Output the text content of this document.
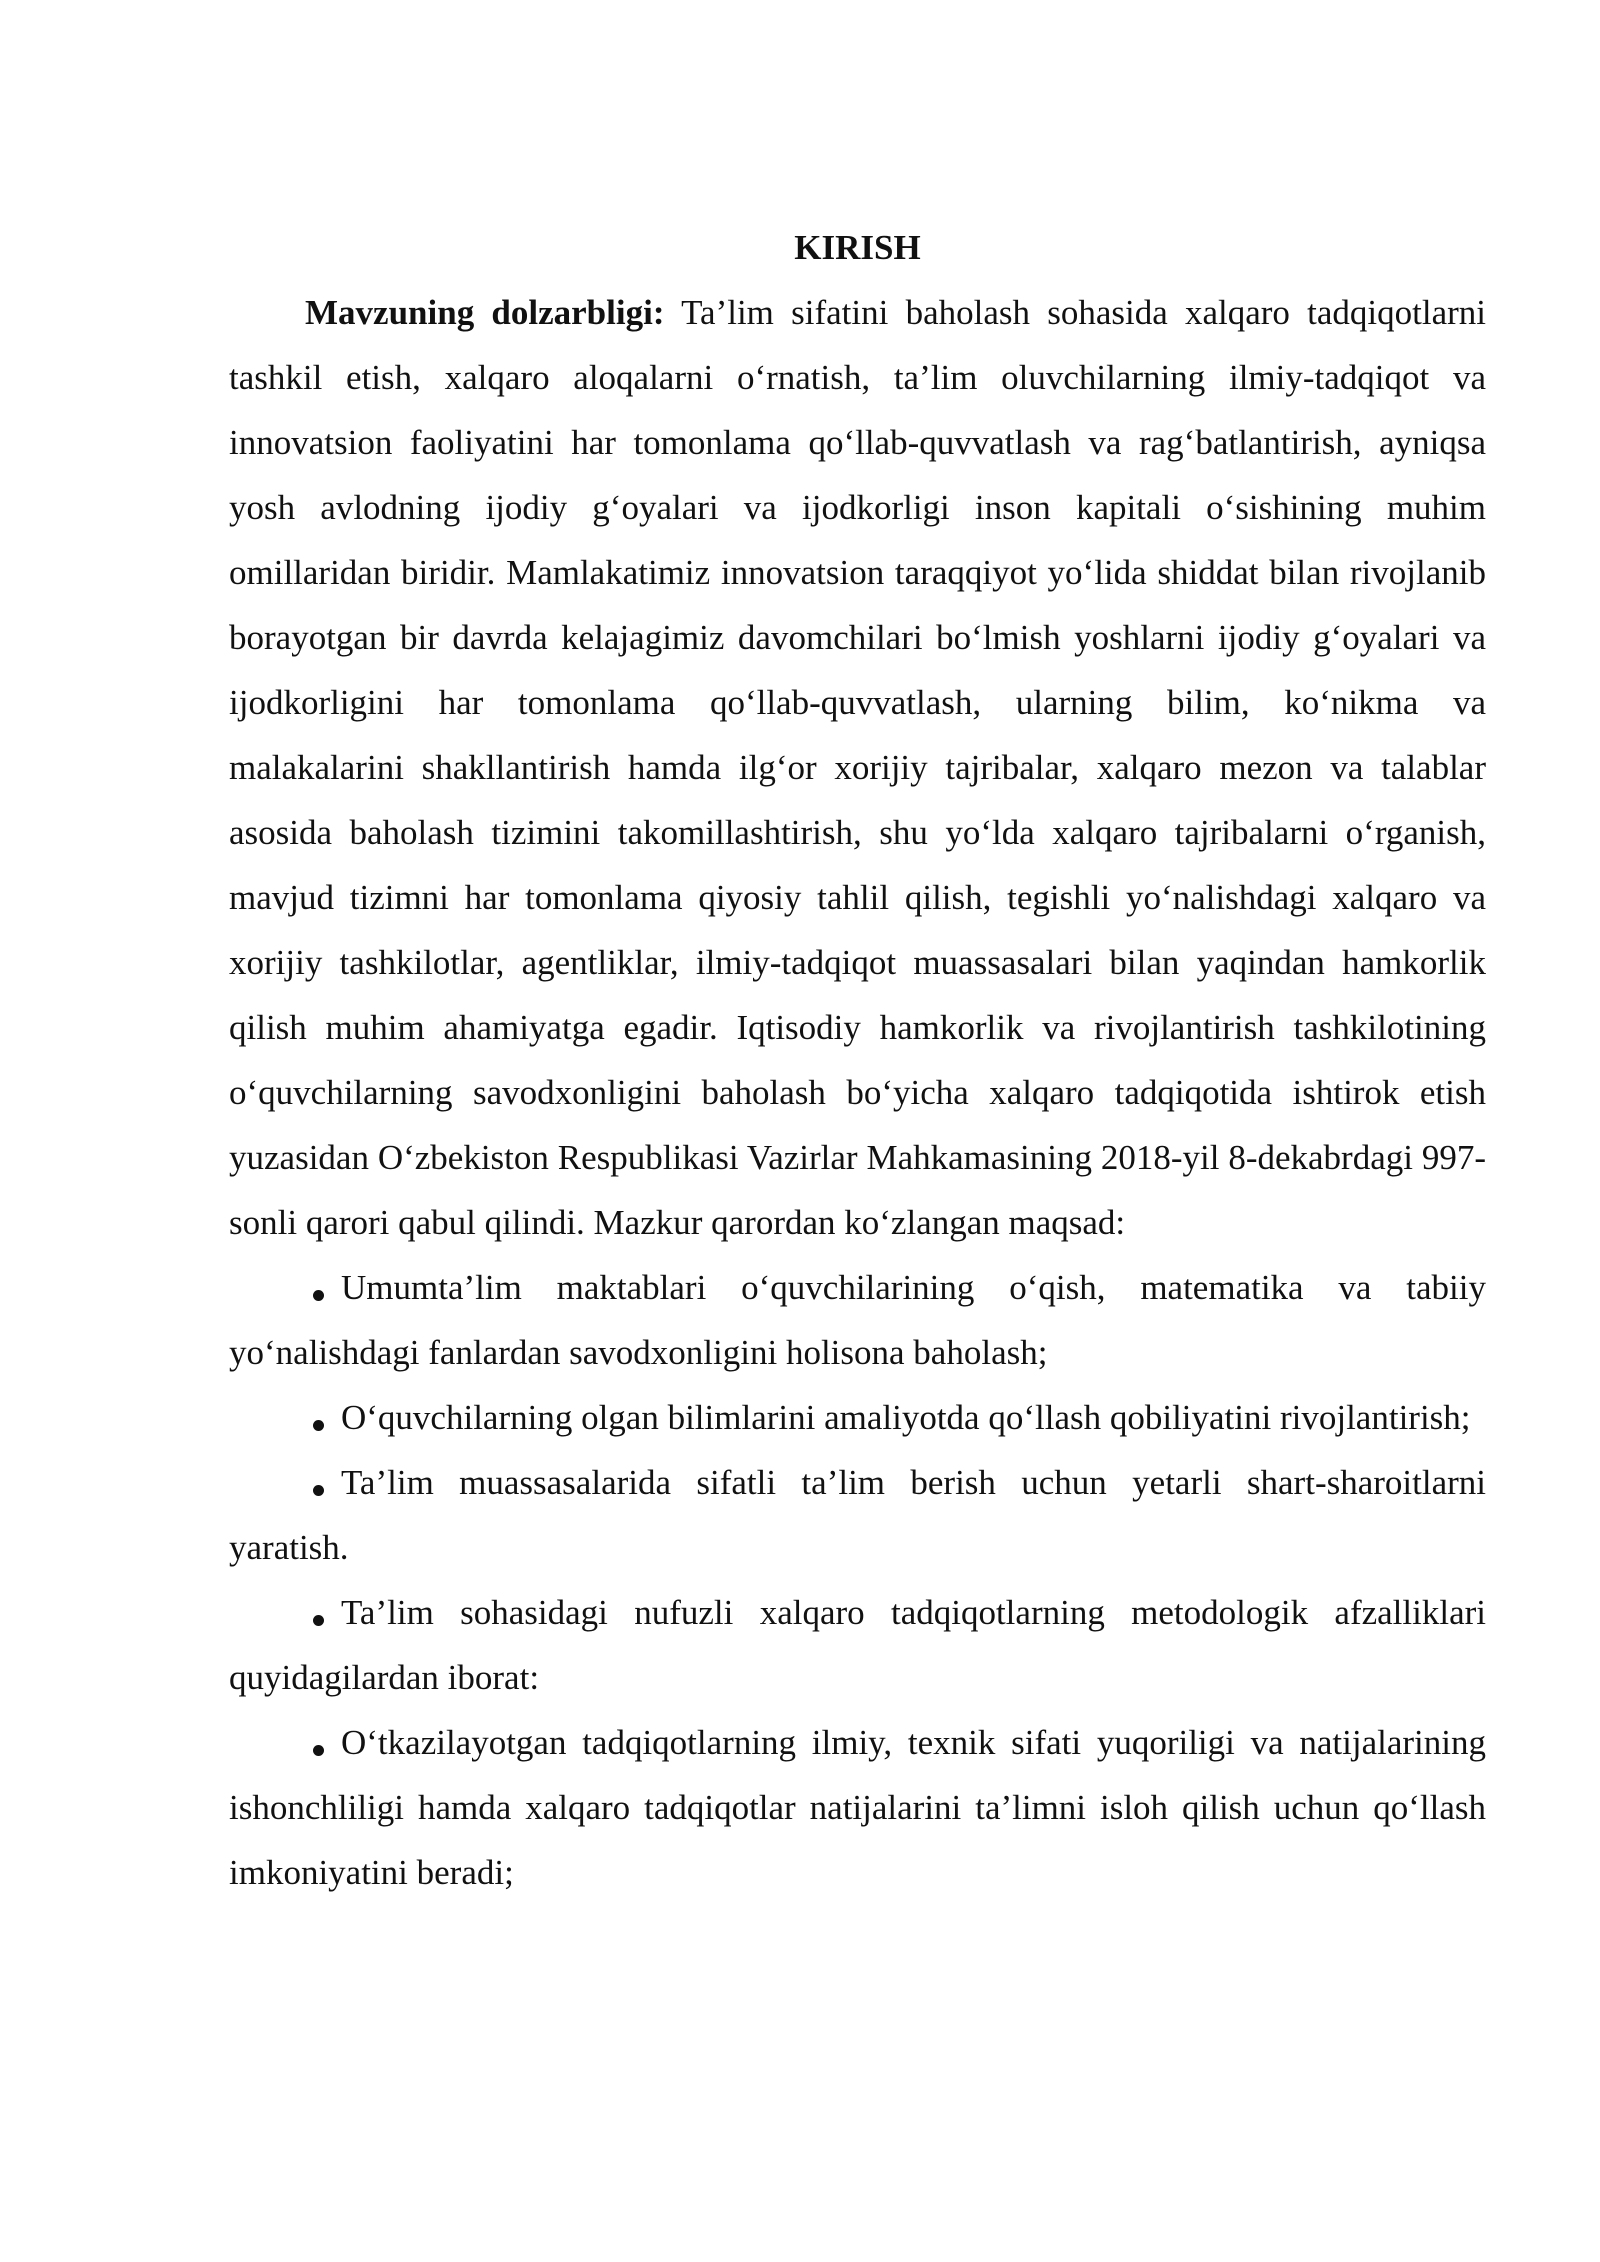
KIRISH

Mavzuning dolzarbligi: Ta’lim sifatini baholash sohasida xalqaro tadqiqotlarni tashkil etish, xalqaro aloqalarni o‘rnatish, ta’lim oluvchilarning ilmiy-tadqiqot va innovatsion faoliyatini har tomonlama qo‘llab-quvvatlash va rag‘batlantirish, ayniqsa yosh avlodning ijodiy g‘oyalari va ijodkorligi inson kapitali o‘sishining muhim omillaridan biridir. Mamlakatimiz innovatsion taraqqiyot yo‘lida shiddat bilan rivojlanib borayotgan bir davrda kelajagimiz davomchilari bo‘lmish yoshlarni ijodiy g‘oyalari va ijodkorligini har tomonlama qo‘llab-quvvatlash, ularning bilim, ko‘nikma va malakalarini shakllantirish hamda ilg‘or xorijiy tajribalar, xalqaro mezon va talablar asosida baholash tizimini takomillashtirish, shu yo‘lda xalqaro tajribalarni o‘rganish, mavjud tizimni har tomonlama qiyosiy tahlil qilish, tegishli yo‘nalishdagi xalqaro va xorijiy tashkilotlar, agentliklar, ilmiy-tadqiqot muassasalari bilan yaqindan hamkorlik qilish muhim ahamiyatga egadir. Iqtisodiy hamkorlik va rivojlantirish tashkilotining o‘quvchilarning savodxonligini baholash bo‘yicha xalqaro tadqiqotida ishtirok etish yuzasidan O‘zbekiston Respublikasi Vazirlar Mahkamasining 2018-yil 8-dekabrdagi 997-sonli qarori qabul qilindi. Mazkur qarordan ko‘zlangan maqsad:

Umumta’lim maktablari o‘quvchilarining o‘qish, matematika va tabiiy yo‘nalishdagi fanlardan savodxonligini holisona baholash;
O‘quvchilarning olgan bilimlarini amaliyotda qo‘llash qobiliyatini rivojlantirish;
Ta’lim muassasalarida sifatli ta’lim berish uchun yetarli shart-sharoitlarni yaratish.
Ta’lim sohasidagi nufuzli xalqaro tadqiqotlarning metodologik afzalliklari quyidagilardan iborat:
O‘tkazilayotgan tadqiqotlarning ilmiy, texnik sifati yuqoriligi va natijalarining ishonchliligi hamda xalqaro tadqiqotlar natijalarini ta’limni isloh qilish uchun qo‘llash imkoniyatini beradi;
